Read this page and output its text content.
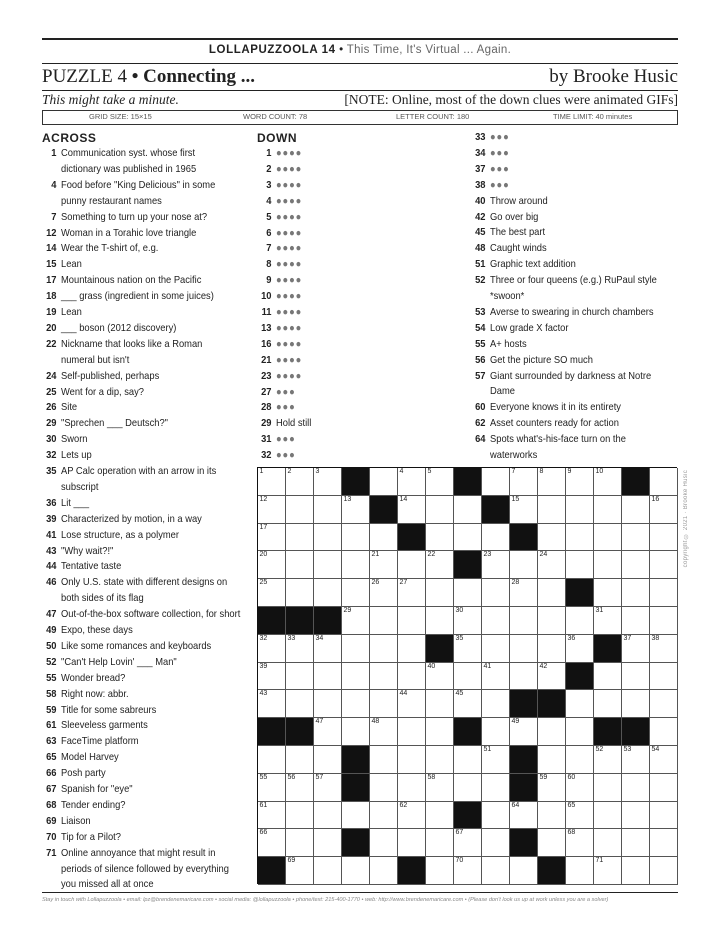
LOLLAPUZZOOLA 14 • This Time, It's Virtual ... Again.
PUZZLE 4 • Connecting ...	by Brooke Husic
This might take a minute.	[NOTE: Online, most of the down clues were animated GIFs]
GRID SIZE: 15×15	WORD COUNT: 78	LETTER COUNT: 180	TIME LIMIT: 40 minutes
ACROSS	DOWN
1 Communication syst. whose first
dictionary was published in 1965
4 Food before "King Delicious" in some
punny restaurant names
7 Something to turn up your nose at?
12 Woman in a Torahic love triangle
14 Wear the T-shirt of, e.g.
15 Lean
17 Mountainous nation on the Pacific
18 ___ grass (ingredient in some juices)
19 Lean
20 ___ boson (2012 discovery)
22 Nickname that looks like a Roman
numeral but isn't
24 Self-published, perhaps
25 Went for a dip, say?
26 Site
29 "Sprechen ___ Deutsch?"
30 Sworn
32 Lets up
35 AP Calc operation with an arrow in its
subscript
36 Lit ___
39 Characterized by motion, in a way
41 Lose structure, as a polymer
43 "Why wait?!"
44 Tentative taste
46 Only U.S. state with different designs on
both sides of its flag
47 Out-of-the-box software collection, for short
49 Expo, these days
50 Like some romances and keyboards
52 "Can't Help Lovin' ___ Man"
55 Wonder bread?
58 Right now: abbr.
59 Title for some sabreurs
61 Sleeveless garments
63 FaceTime platform
65 Model Harvey
66 Posh party
67 Spanish for "eye"
68 Tender ending?
69 Liaison
70 Tip for a Pilot?
71 Online annoyance that might result in
periods of silence followed by everything
you missed all at once
1 ●●●●
2 ●●●●
3 ●●●●
4 ●●●●
5 ●●●●
6 ●●●●
7 ●●●●
8 ●●●●
9 ●●●●
10 ●●●●
11 ●●●●
13 ●●●●
16 ●●●●
21 ●●●●
23 ●●●●
27 ●●●
28 ●●●
29 Hold still
31 ●●●
32 ●●●
33 ●●●
34 ●●●
37 ●●●
38 ●●●
40 Throw around
42 Go over big
45 The best part
48 Caught winds
51 Graphic text addition
52 Three or four queens (e.g.) RuPaul style
*swoon*
53 Averse to swearing in church chambers
54 Low grade X factor
55 A+ hosts
56 Get the picture SO much
57 Giant surrounded by darkness at Notre
Dame
60 Everyone knows it in its entirety
62 Asset counters ready for action
64 Spots what's-his-face turn on the
waterworks
1	2	3	4	5	7	8	9	10
12	13	14	15	16
17
20	21	22	23	24
25	26	27	28
29	30	31
32	33	34	35	36	37	38
39	40	41	42
43	44	45
47	48	49
51	52	53	54
55	56	57	58	59	60
61	62	64	65
66	67	68
69	70	71
copyright © 2021 · Brooke Husic
Stay in touch with Lollapuzzoola • email: lpz@brendenemaricare.com • social media: @lollapuzzoola • phone/text: 215-400-1770 • web: http://www.brendenemaricare.com • (Please don't look us up at work unless you are a solver)
